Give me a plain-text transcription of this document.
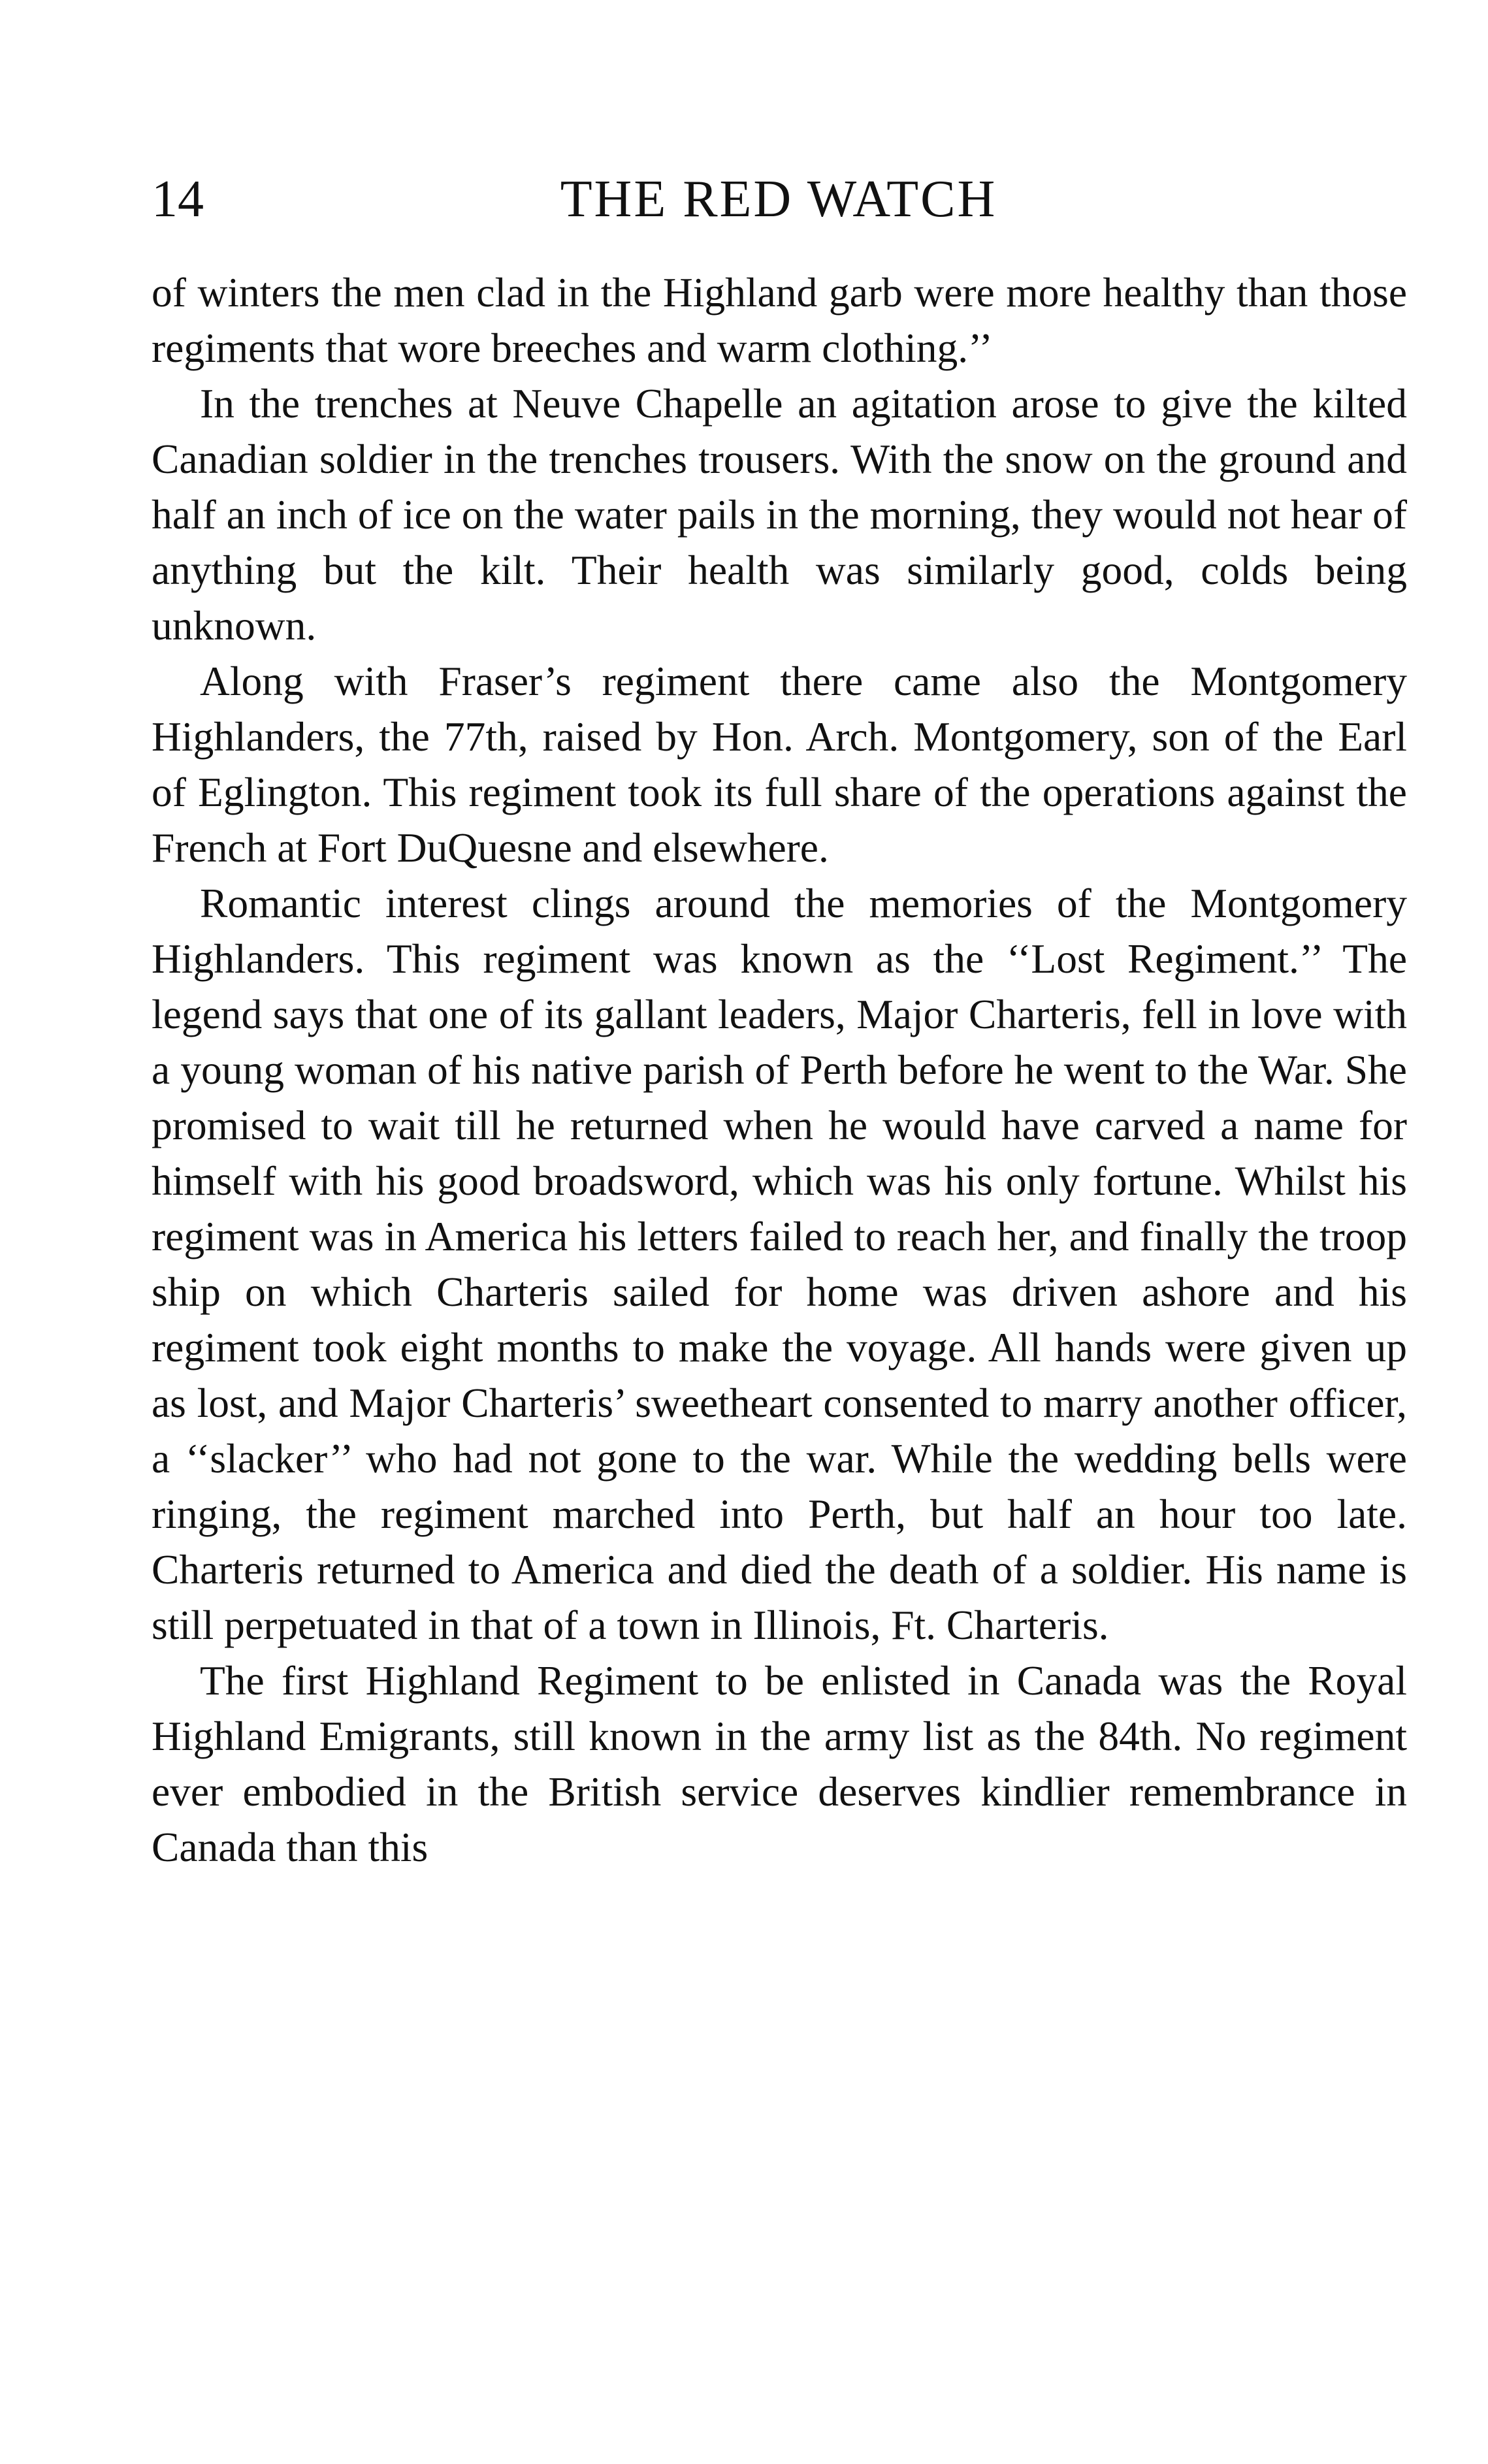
14	THE RED WATCH

of winters the men clad in the Highland garb were more healthy than those regiments that wore breeches and warm clothing.’’

In the trenches at Neuve Chapelle an agitation arose to give the kilted Canadian soldier in the trenches trousers. With the snow on the ground and half an inch of ice on the water pails in the morning, they would not hear of anything but the kilt. Their health was similarly good, colds being unknown.

Along with Fraser’s regiment there came also the Montgomery Highlanders, the 77th, raised by Hon. Arch. Montgomery, son of the Earl of Eglington. This regiment took its full share of the operations against the French at Fort DuQuesne and elsewhere.

Romantic interest clings around the memories of the Montgomery Highlanders. This regiment was known as the ‘‘Lost Regiment.’’ The legend says that one of its gallant leaders, Major Charteris, fell in love with a young woman of his native parish of Perth before he went to the War. She promised to wait till he returned when he would have carved a name for himself with his good broadsword, which was his only fortune. Whilst his regiment was in America his letters failed to reach her, and finally the troop ship on which Charteris sailed for home was driven ashore and his regiment took eight months to make the voyage. All hands were given up as lost, and Major Charteris’ sweetheart consented to marry another officer, a ‘‘slacker’’ who had not gone to the war. While the wedding bells were ringing, the regiment marched into Perth, but half an hour too late. Charteris returned to America and died the death of a soldier. His name is still perpetuated in that of a town in Illinois, Ft. Charteris.

The first Highland Regiment to be enlisted in Canada was the Royal Highland Emigrants, still known in the army list as the 84th. No regiment ever embodied in the British service deserves kindlier remembrance in Canada than this
